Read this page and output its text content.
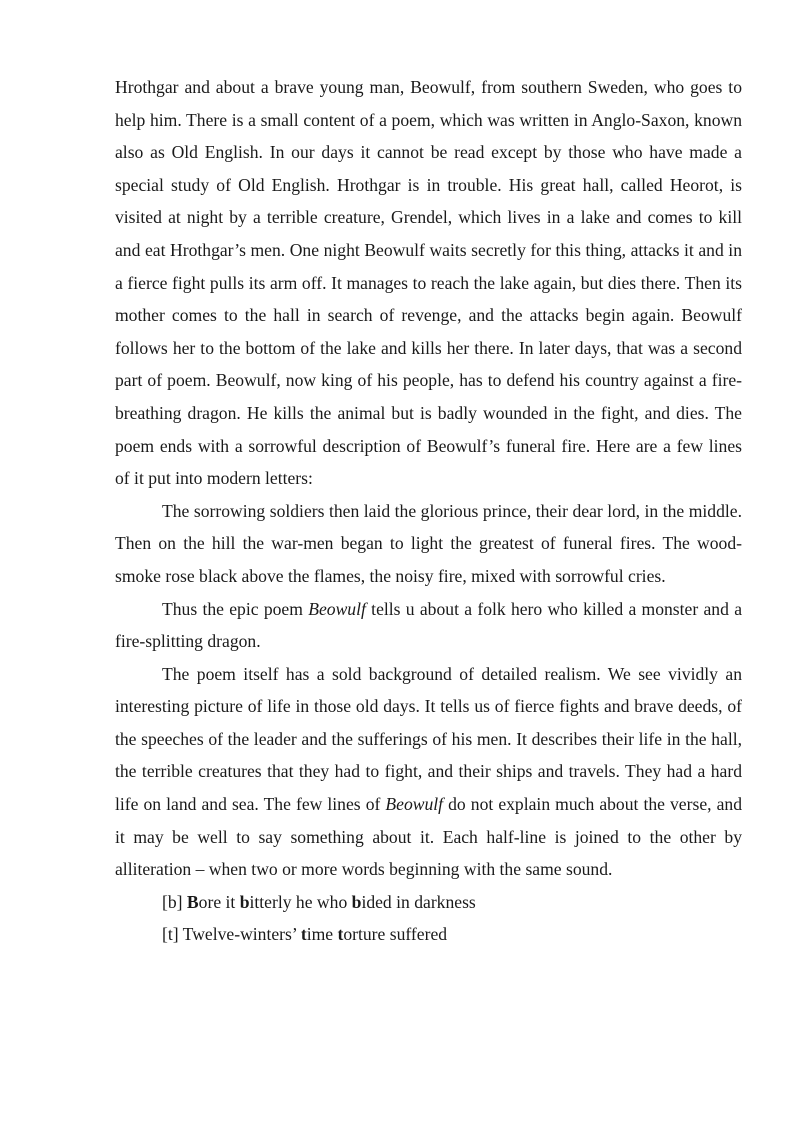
Hrothgar and about a brave young man, Beowulf, from southern Sweden, who goes to help him. There is a small content of a poem, which was written in Anglo-Saxon, known also as Old English. In our days it cannot be read except by those who have made a special study of Old English. Hrothgar is in trouble. His great hall, called Heorot, is visited at night by a terrible creature, Grendel, which lives in a lake and comes to kill and eat Hrothgar’s men. One night Beowulf waits secretly for this thing, attacks it and in a fierce fight pulls its arm off. It manages to reach the lake again, but dies there. Then its mother comes to the hall in search of revenge, and the attacks begin again. Beowulf follows her to the bottom of the lake and kills her there. In later days, that was a second part of poem. Beowulf, now king of his people, has to defend his country against a fire-breathing dragon. He kills the animal but is badly wounded in the fight, and dies. The poem ends with a sorrowful description of Beowulf’s funeral fire. Here are a few lines of it put into modern letters:

The sorrowing soldiers then laid the glorious prince, their dear lord, in the middle. Then on the hill the war-men began to light the greatest of funeral fires. The wood-smoke rose black above the flames, the noisy fire, mixed with sorrowful cries.

Thus the epic poem Beowulf tells u about a folk hero who killed a monster and a fire-splitting dragon.

The poem itself has a sold background of detailed realism. We see vividly an interesting picture of life in those old days. It tells us of fierce fights and brave deeds, of the speeches of the leader and the sufferings of his men. It describes their life in the hall, the terrible creatures that they had to fight, and their ships and travels. They had a hard life on land and sea. The few lines of Beowulf do not explain much about the verse, and it may be well to say something about it. Each half-line is joined to the other by alliteration – when two or more words beginning with the same sound.

[b] Bore it bitterly he who bided in darkness

[t] Twelve-winters’ time torture suffered
